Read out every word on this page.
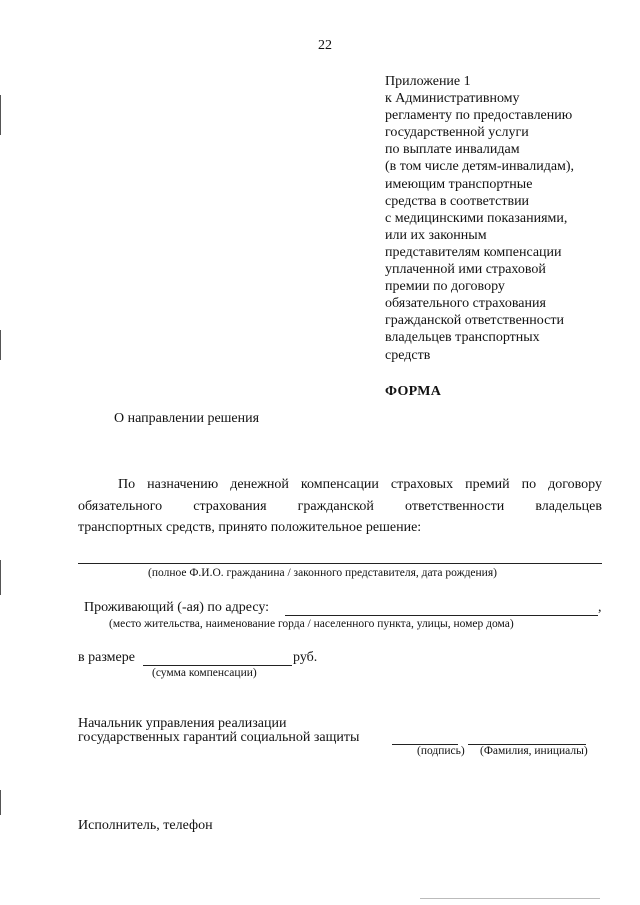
22
Приложение 1
к Административному
регламенту по предоставлению
государственной услуги
по выплате инвалидам
(в том числе детям-инвалидам),
имеющим транспортные
средства в соответствии
с медицинскими показаниями,
или их законным
представителям компенсации
уплаченной ими страховой
премии по договору
обязательного страхования
гражданской ответственности
владельцев транспортных
средств
ФОРМА
О направлении решения
По назначению денежной компенсации страховых премий по договору
обязательного страхования гражданской ответственности владельцев
транспортных средств, принято положительное решение:
(полное Ф.И.О. гражданина / законного представителя, дата рождения)
Проживающий (-ая) по адресу:	,
(место жительства, наименование горда / населенного пункта, улицы, номер дома)
в размере	руб.
(сумма компенсации)
Начальник управления реализации
государственных гарантий социальной защиты
(подпись) (Фамилия, инициалы)
Исполнитель, телефон
